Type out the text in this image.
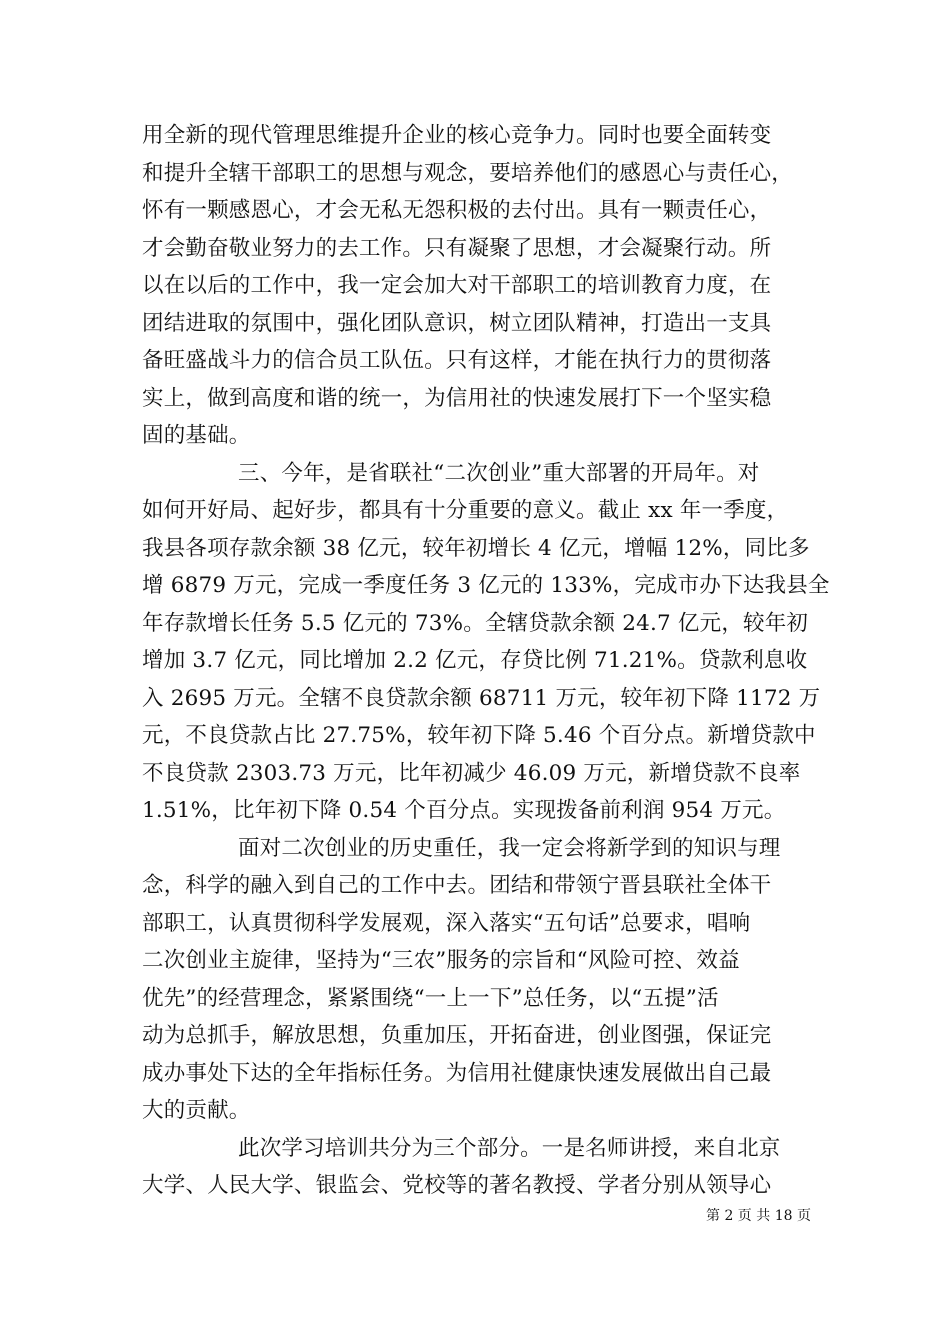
用全新的现代管理思维提升企业的核心竞争力。同时也要全面转变
和提升全辖干部职工的思想与观念，要培养他们的感恩心与责任心，
怀有一颗感恩心，才会无私无怨积极的去付出。具有一颗责任心，
才会勤奋敬业努力的去工作。只有凝聚了思想，才会凝聚行动。所
以在以后的工作中，我一定会加大对干部职工的培训教育力度，在
团结进取的氛围中，强化团队意识，树立团队精神，打造出一支具
备旺盛战斗力的信合员工队伍。只有这样，才能在执行力的贯彻落
实上，做到高度和谐的统一，为信用社的快速发展打下一个坚实稳
固的基础。
三、今年，是省联社“二次创业”重大部署的开局年。对
如何开好局、起好步，都具有十分重要的意义。截止 xx 年一季度，
我县各项存款余额 38 亿元，较年初增长 4 亿元，增幅 12%，同比多
增 6879 万元，完成一季度任务 3 亿元的 133%，完成市办下达我县全
年存款增长任务 5.5 亿元的 73%。全辖贷款余额 24.7 亿元，较年初
增加 3.7 亿元，同比增加 2.2 亿元，存贷比例 71.21%。贷款利息收
入 2695 万元。全辖不良贷款余额 68711 万元，较年初下降 1172 万
元，不良贷款占比 27.75%，较年初下降 5.46 个百分点。新增贷款中
不良贷款 2303.73 万元，比年初减少 46.09 万元，新增贷款不良率
1.51%，比年初下降 0.54 个百分点。实现拨备前利润 954 万元。
面对二次创业的历史重任，我一定会将新学到的知识与理
念，科学的融入到自己的工作中去。团结和带领宁晋县联社全体干
部职工，认真贯彻科学发展观，深入落实“五句话”总要求，唱响
二次创业主旋律，坚持为“三农”服务的宗旨和“风险可控、效益
优先”的经营理念，紧紧围绕“一上一下”总任务，以“五提”活
动为总抓手，解放思想，负重加压，开拓奋进，创业图强，保证完
成办事处下达的全年指标任务。为信用社健康快速发展做出自己最
大的贡献。
此次学习培训共分为三个部分。一是名师讲授，来自北京
大学、人民大学、银监会、党校等的著名教授、学者分别从领导心
第 2 页 共 18 页
